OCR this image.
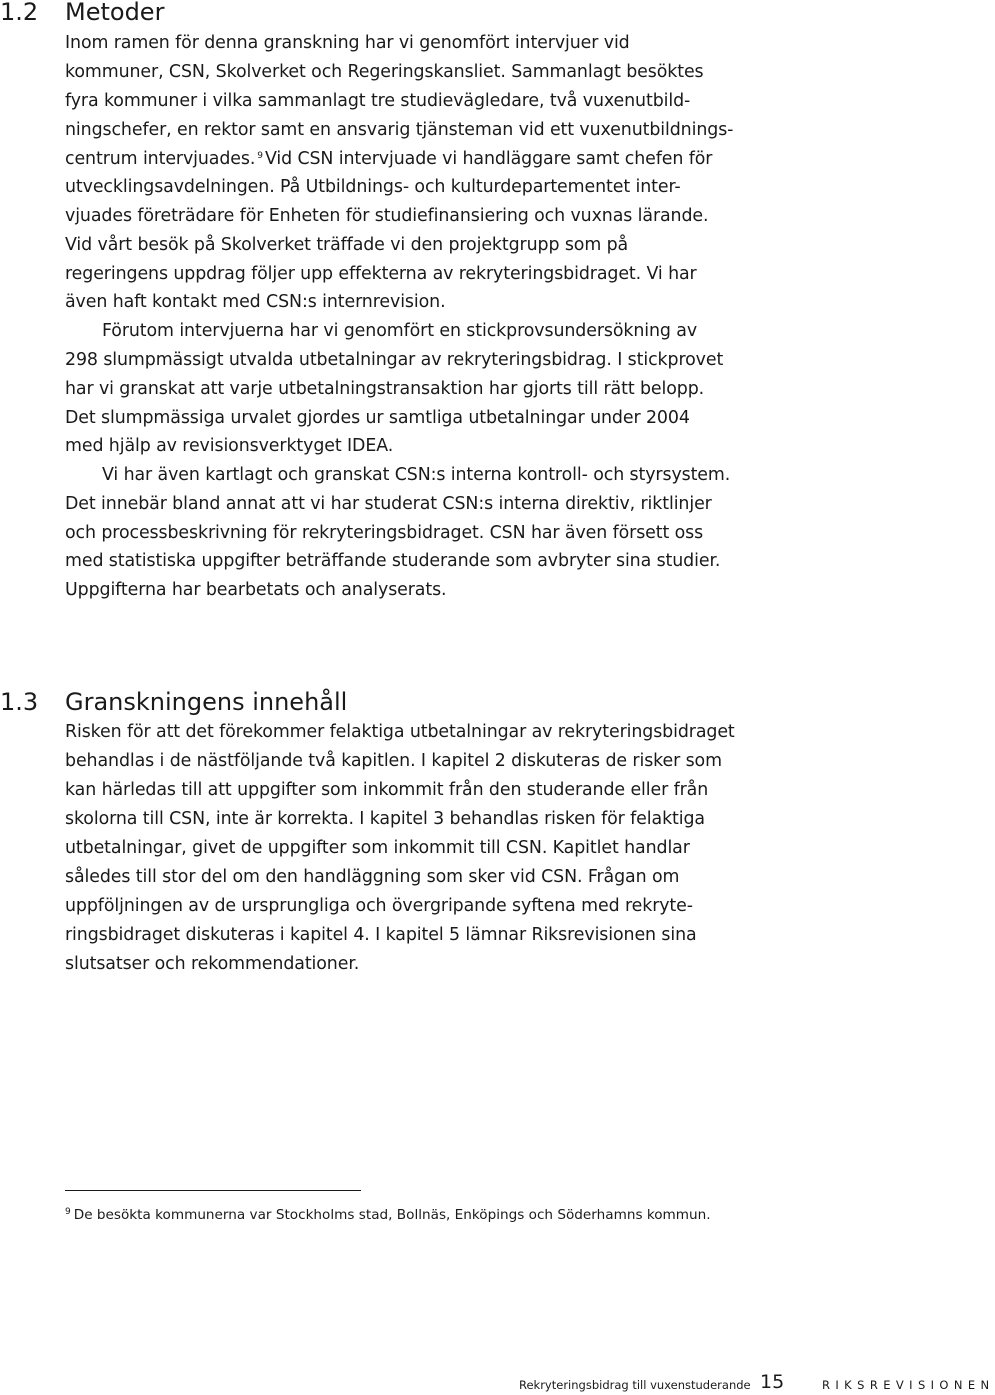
1.2 Metoder

Inom ramen för denna granskning har vi genomfört intervjuer vid

kommuner, CSN, Skolverket och Regeringskansliet. Sammanlagt besöktes

fyra kommuner i vilka sammanlagt tre studievägledare, två vuxenutbild-

ningschefer, en rektor samt en ansvarig tjänsteman vid ett vuxenutbildnings-

centrum intervjuades. $^9$ Vid CSN intervjuade vi handläggare samt chefen för

utvecklingsavdelningen. På Utbildnings- och kulturdepartementet inter-

vjuades företrädare för Enheten för studiefinansiering och vuxnas lärande.

Vid vårt besök på Skolverket träffade vi den projektgrupp som på

regeringens uppdrag följer upp effekterna av rekryteringsbidraget. Vi har

även haft kontakt med CSN:s internrevision.

Förutom intervjuerna har vi genomfört en stickprovsundersökning av

298 slumpmässigt utvalda utbetalningar av rekryteringsbidrag. I stickprovet

har vi granskat att varje utbetalningstransaktion har gjorts till rätt belopp.

Det slumpmässiga urvalet gjordes ur samtliga utbetalningar under 2004

med hjälp av revisionsverktyget IDEA.

Vi har även kartlagt och granskat CSN:s interna kontroll- och styrsystem.

Det innebär bland annat att vi har studerat CSN:s interna direktiv, riktlinjer

och processbeskrivning för rekryteringsbidraget. CSN har även försett oss

med statistiska uppgifter beträffande studerande som avbryter sina studier.

Uppgifterna har bearbetats och analyserats.

1.3 Granskningens innehåll

Risken för att det förekommer felaktiga utbetalningar av rekryteringsbidraget

behandlas i de nästföljande två kapitlen. I kapitel 2 diskuteras de risker som

kan härledas till att uppgifter som inkommit från den studerande eller från

skolorna till CSN, inte är korrekta. I kapitel 3 behandlas risken för felaktiga

utbetalningar, givet de uppgifter som inkommit till CSN. Kapitlet handlar

således till stor del om den handläggning som sker vid CSN. Frågan om

uppföljningen av de ursprungliga och övergripande syftena med rekryte-

ringsbidraget diskuteras i kapitel 4. I kapitel 5 lämnar Riksrevisionen sina

slutsatser och rekommendationer.

$^9$ De besökta kommunerna var Stockholms stad, Bollnäs, Enköpings och Söderhamns kommun.

Rekryteringsbidrag till vuxenstuderande 15	RIKSREVISIONEN
